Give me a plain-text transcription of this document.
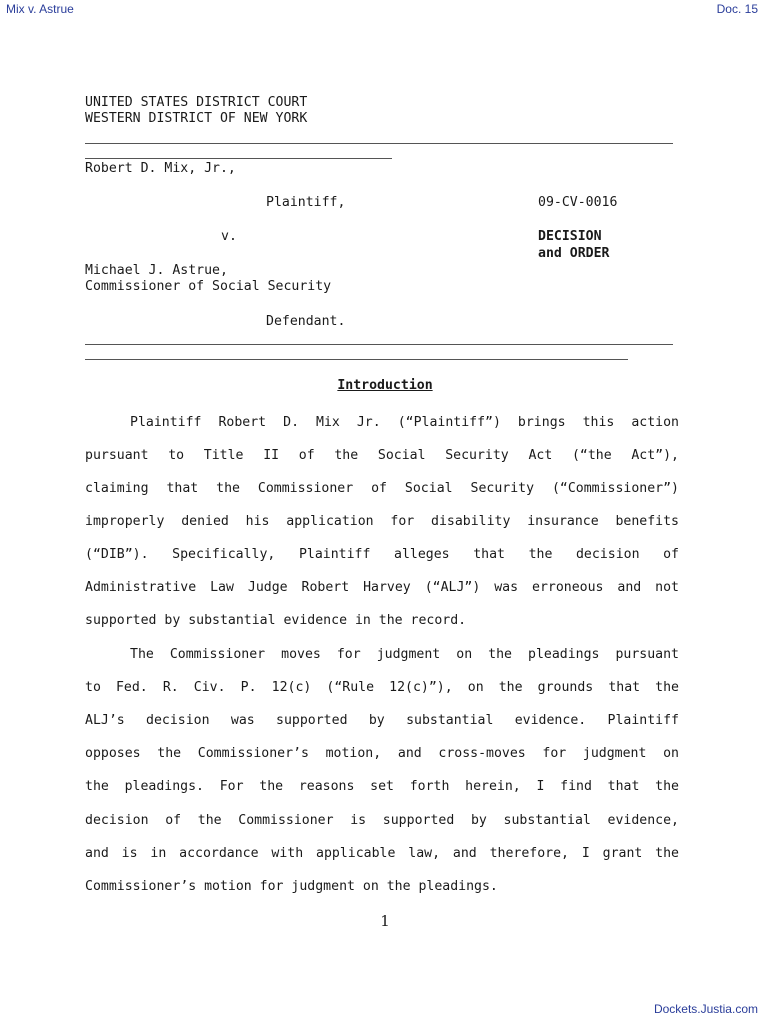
Mix v. Astrue	Doc. 15
UNITED STATES DISTRICT COURT
WESTERN DISTRICT OF NEW YORK
Robert D. Mix, Jr.,
Plaintiff,	09-CV-0016
v.	DECISION
and ORDER
Michael J. Astrue,
Commissioner of Social Security
Defendant.
Introduction
Plaintiff Robert D. Mix Jr. (“Plaintiff”) brings this action
pursuant to Title II of the Social Security Act (“the Act”),
claiming that the Commissioner of Social Security (“Commissioner”)
improperly denied his application for disability insurance benefits
(“DIB”). Specifically, Plaintiff alleges that the decision of
Administrative Law Judge Robert Harvey (“ALJ”) was erroneous and not
supported by substantial evidence in the record.
The Commissioner moves for judgment on the pleadings pursuant
to Fed. R. Civ. P. 12(c) (“Rule 12(c)”), on the grounds that the
ALJ’s decision was supported by substantial evidence. Plaintiff
opposes the Commissioner’s motion, and cross-moves for judgment on
the pleadings. For the reasons set forth herein, I find that the
decision of the Commissioner is supported by substantial evidence,
and is in accordance with applicable law, and therefore, I grant the
Commissioner’s motion for judgment on the pleadings.
1
Dockets.Justia.com
